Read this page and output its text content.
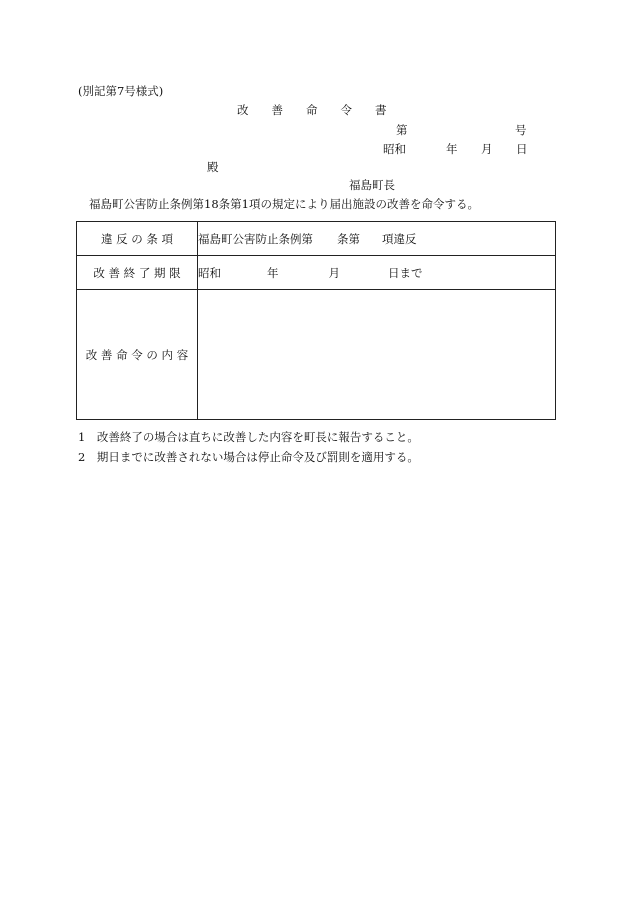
(別記第7号様式)
改　　善　　命　　令　　書
第	号
昭和	年 月 日
殿
福島町長
福島町公害防止条例第18条第1項の規定により届出施設の改善を命令する。
違 反 の 条 項	福島町公害防止条例第 条第 項違反
改 善 終 了 期 限	昭和 年 月 日まで
改 善 命 令 の 内 容	
1　改善終了の場合は直ちに改善した内容を町長に報告すること。
2　期日までに改善されない場合は停止命令及び罰則を適用する。
